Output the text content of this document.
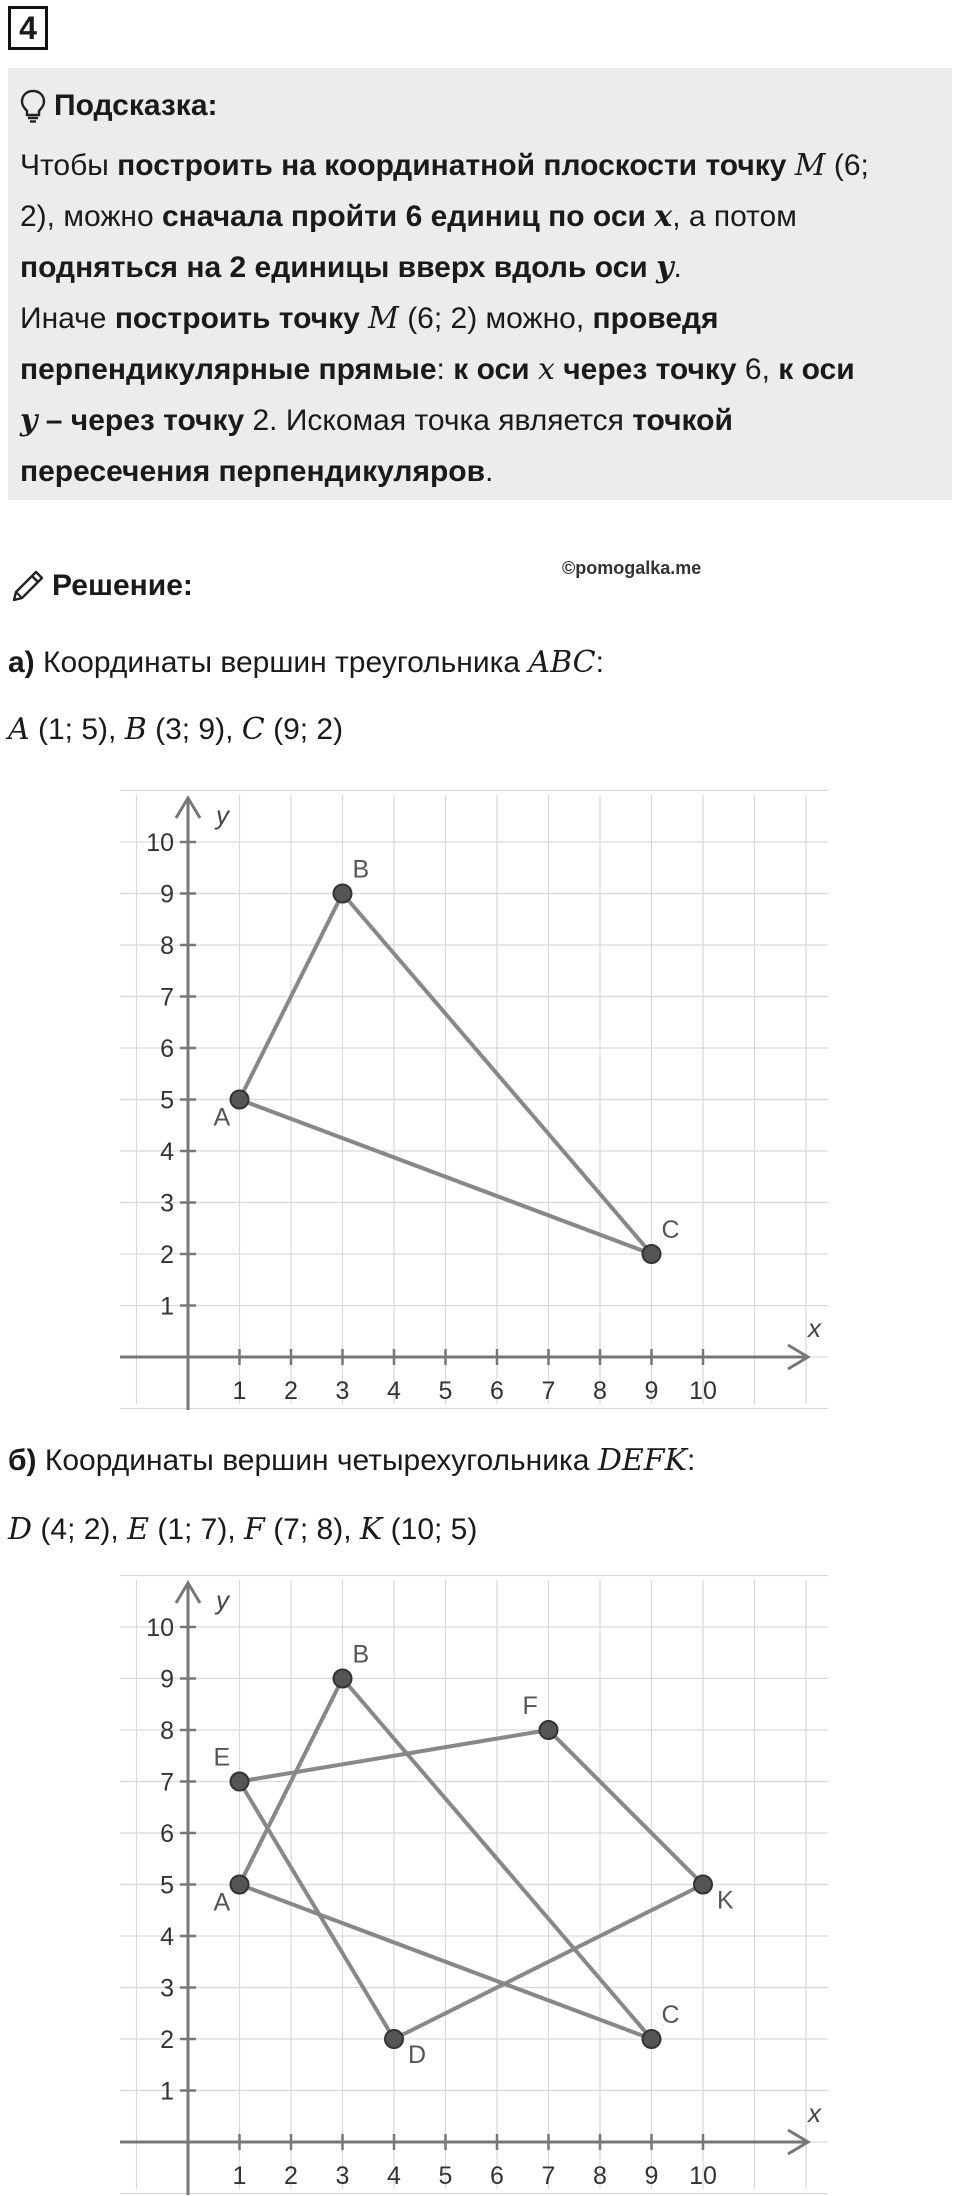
4
Подсказка:
Чтобы построить на координатной плоскости точку M (6;
2), можно сначала пройти 6 единиц по оси x, а потом
подняться на 2 единицы вверх вдоль оси y.
Иначе построить точку M (6; 2) можно, проведя
перпендикулярные прямые: к оси x через точку 6, к оси
y – через точку 2. Искомая точка является точкой
пересечения перпендикуляров.
©pomogalka.me
Решение:
а) Координаты вершин треугольника ABC:
A (1; 5), B (3; 9), C (9; 2)
x
y
1 2 3 4 5 6 7 8 9 10
1
2
3
4
5
6
7
8
9
10
A
B
C
б) Координаты вершин четырехугольника DEFK:
D (4; 2), E (1; 7), F (7; 8), K (10; 5)
x
y
1 2 3 4 5 6 7 8 9 10
1
2
3
4
5
6
7
8
9
10
A
B
C
E
F
K
D
